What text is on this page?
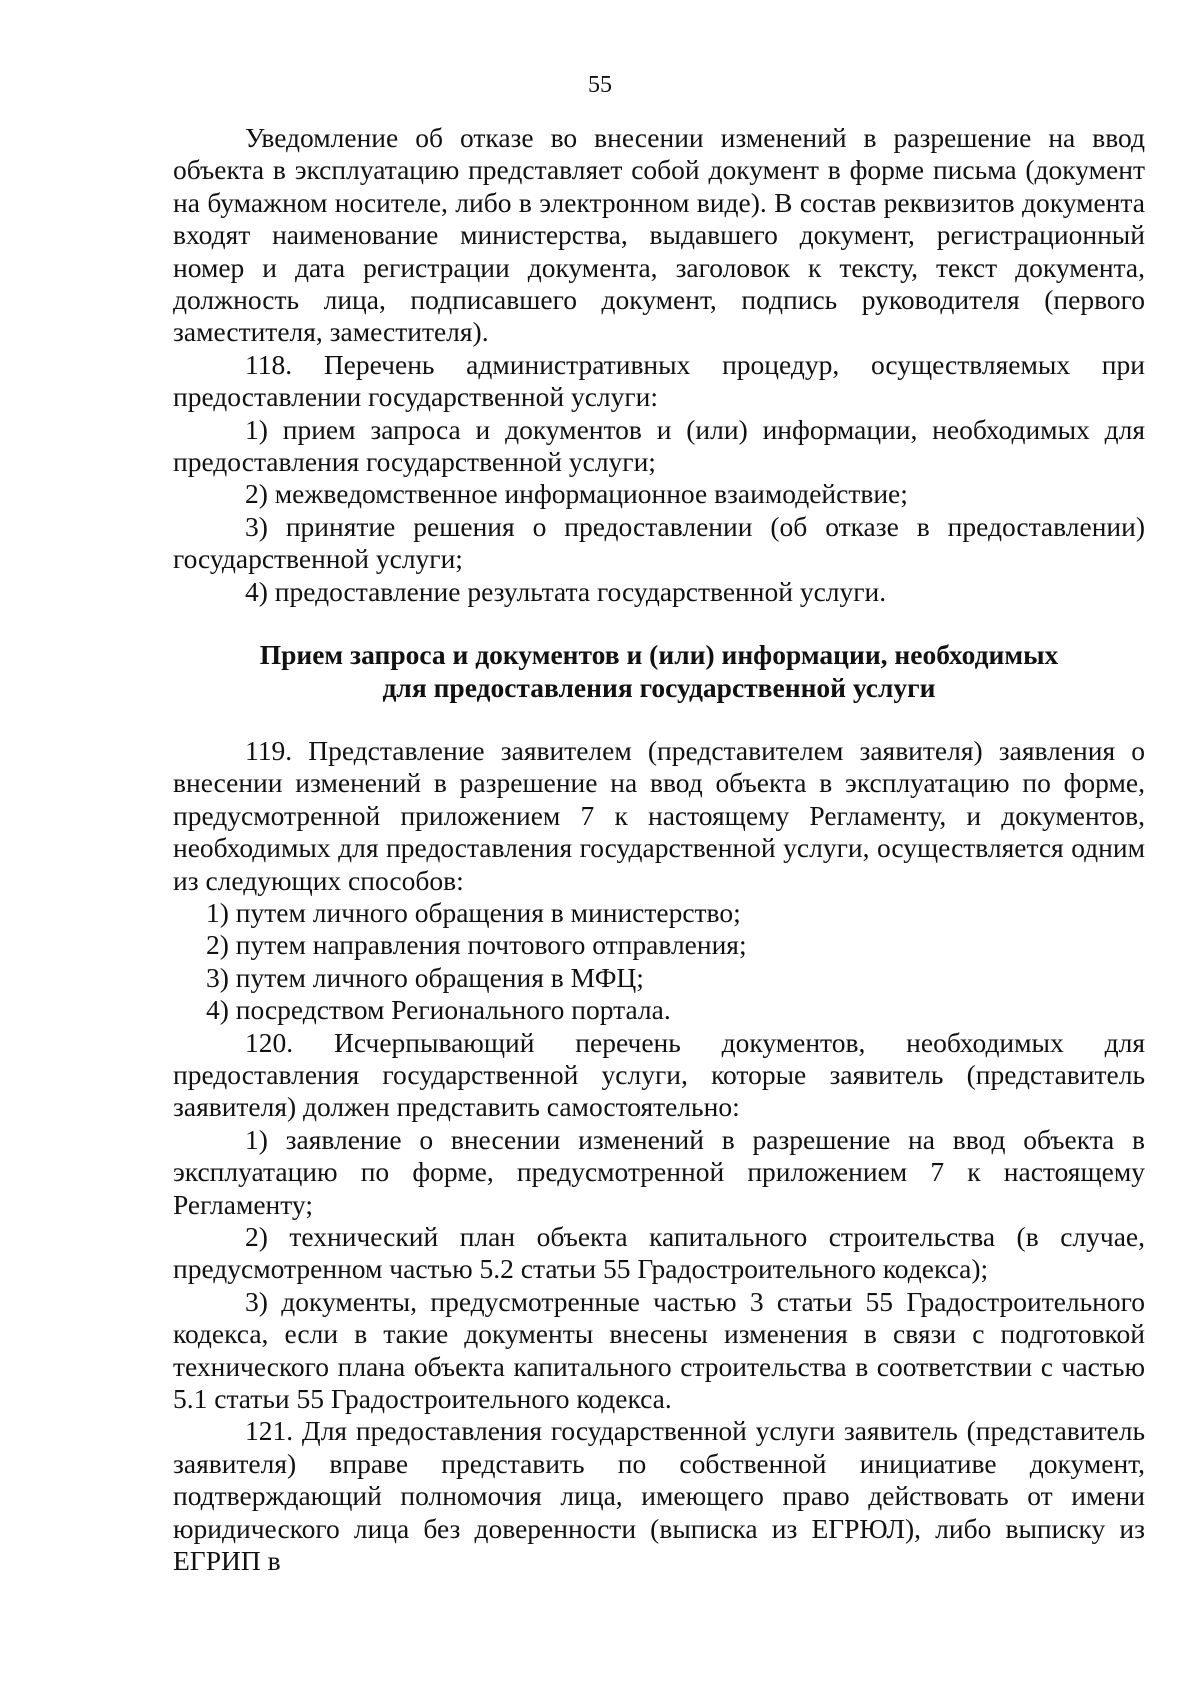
55

Уведомление об отказе во внесении изменений в разрешение на ввод объекта в эксплуатацию представляет собой документ в форме письма (документ на бумажном носителе, либо в электронном виде). В состав реквизитов документа входят наименование министерства, выдавшего документ, регистрационный номер и дата регистрации документа, заголовок к тексту, текст документа, должность лица, подписавшего документ, подпись руководителя (первого заместителя, заместителя).

118. Перечень административных процедур, осуществляемых при предоставлении государственной услуги:

1) прием запроса и документов и (или) информации, необходимых для предоставления государственной услуги;

2) межведомственное информационное взаимодействие;

3) принятие решения о предоставлении (об отказе в предоставлении) государственной услуги;

4) предоставление результата государственной услуги.

Прием запроса и документов и (или) информации, необходимых
для предоставления государственной услуги

119. Представление заявителем (представителем заявителя) заявления о внесении изменений в разрешение на ввод объекта в эксплуатацию по форме, предусмотренной приложением 7 к настоящему Регламенту, и документов, необходимых для предоставления государственной услуги, осуществляется одним из следующих способов:

1) путем личного обращения в министерство;

2) путем направления почтового отправления;

3) путем личного обращения в МФЦ;

4) посредством Регионального портала.

120. Исчерпывающий перечень документов, необходимых для предоставления государственной услуги, которые заявитель (представитель заявителя) должен представить самостоятельно:

1) заявление о внесении изменений в разрешение на ввод объекта в эксплуатацию по форме, предусмотренной приложением 7 к настоящему Регламенту;

2) технический план объекта капитального строительства (в случае, предусмотренном частью 5.2 статьи 55 Градостроительного кодекса);

3) документы, предусмотренные частью 3 статьи 55 Градостроительного кодекса, если в такие документы внесены изменения в связи с подготовкой технического плана объекта капитального строительства в соответствии с частью 5.1 статьи 55 Градостроительного кодекса.

121. Для предоставления государственной услуги заявитель (представитель заявителя) вправе представить по собственной инициативе документ, подтверждающий полномочия лица, имеющего право действовать от имени юридического лица без доверенности (выписка из ЕГРЮЛ), либо выписку из ЕГРИП в
